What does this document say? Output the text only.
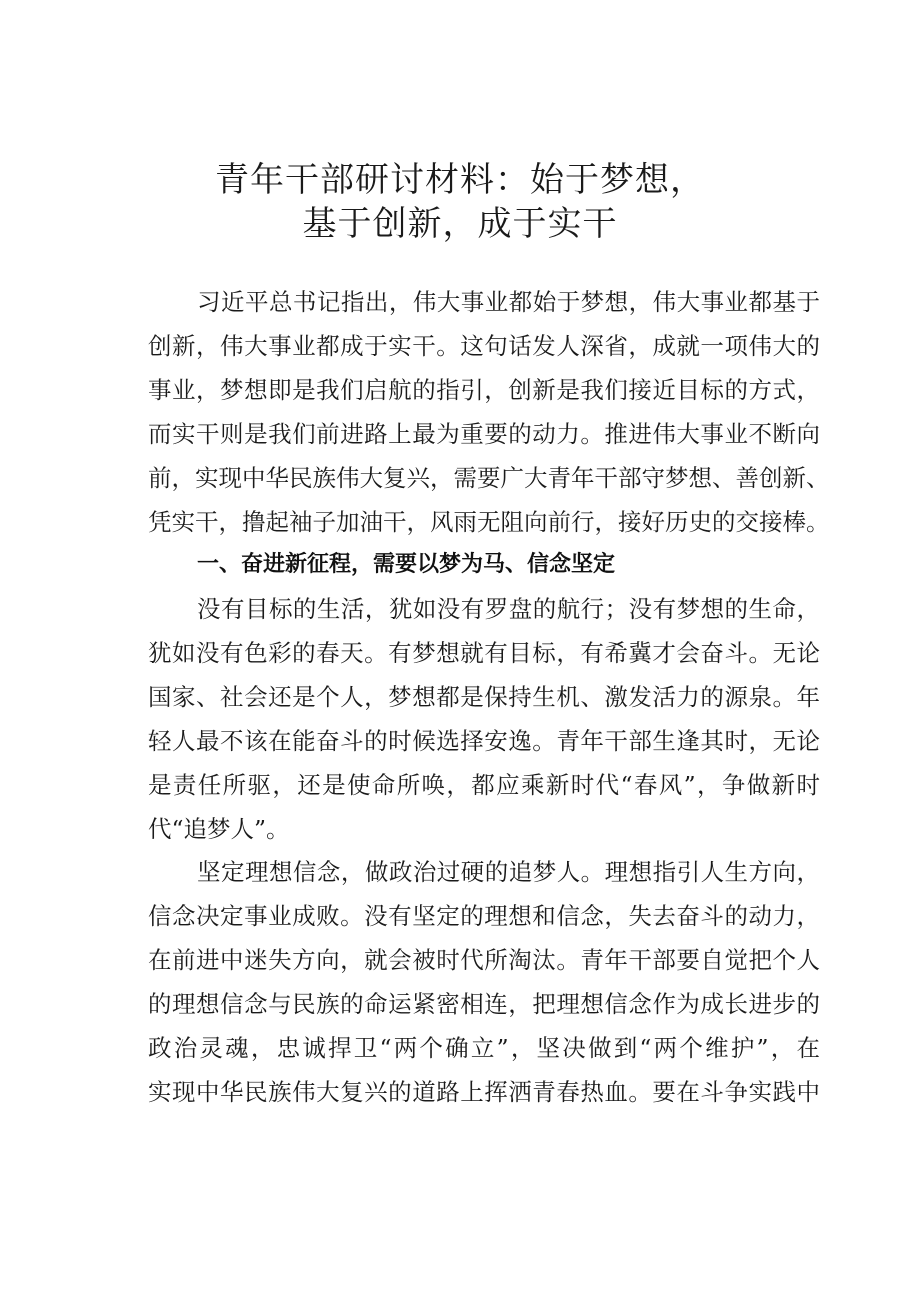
青年干部研讨材料：始于梦想，
基于创新，成于实干

习近平总书记指出，伟大事业都始于梦想，伟大事业都基于

创新，伟大事业都成于实干。这句话发人深省，成就一项伟大的

事业，梦想即是我们启航的指引，创新是我们接近目标的方式，

而实干则是我们前进路上最为重要的动力。推进伟大事业不断向

前，实现中华民族伟大复兴，需要广大青年干部守梦想、善创新、

凭实干，撸起袖子加油干，风雨无阻向前行，接好历史的交接棒。

一、奋进新征程，需要以梦为马、信念坚定

没有目标的生活，犹如没有罗盘的航行；没有梦想的生命，

犹如没有色彩的春天。有梦想就有目标，有希冀才会奋斗。无论

国家、社会还是个人，梦想都是保持生机、激发活力的源泉。年

轻人最不该在能奋斗的时候选择安逸。青年干部生逢其时，无论

是责任所驱，还是使命所唤，都应乘新时代“春风”，争做新时

代“追梦人”。

坚定理想信念，做政治过硬的追梦人。理想指引人生方向，

信念决定事业成败。没有坚定的理想和信念，失去奋斗的动力，

在前进中迷失方向，就会被时代所淘汰。青年干部要自觉把个人

的理想信念与民族的命运紧密相连，把理想信念作为成长进步的

政治灵魂，忠诚捍卫“两个确立”，坚决做到“两个维护”，在

实现中华民族伟大复兴的道路上挥洒青春热血。要在斗争实践中
